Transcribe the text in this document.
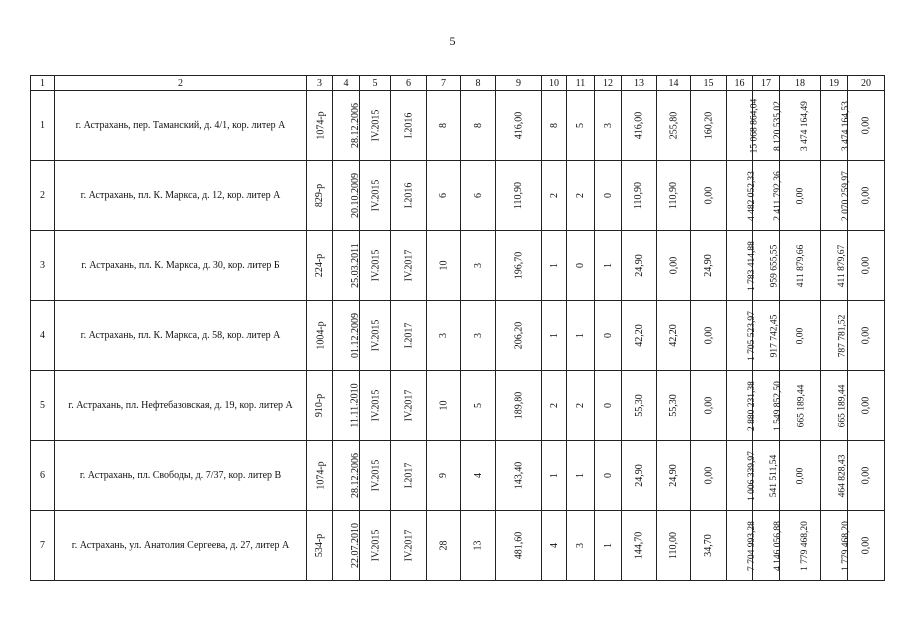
5
1	2	3	4	5	6	7	8	9	10	11	12	13	14	15	16	17	18	19	20
1	г. Астрахань, пер. Таманский, д. 4/1, кор. литер А	1074-р	28.12.2006	IV.2015	I.2016	8	8	416,00	8	5	3	416,00	255,80	160,20	15 068 864,04	8 120 535,02	3 474 164,49	3 474 164,53	0,00
2	г. Астрахань, пл. К. Маркса, д. 12, кор. литер А	829-р	20.10.2009	IV.2015	I.2016	6	6	110,90	2	2	0	110,90	110,90	0,00	4 482 052,33	2 411 792,36	0,00	2 070 259,97	0,00
3	г. Астрахань, пл. К. Маркса, д. 30, кор. литер Б	224-р	25.03.2011	IV.2015	IV.2017	10	3	196,70	1	0	1	24,90	0,00	24,90	1 783 414,88	959 655,55	411 879,66	411 879,67	0,00
4	г. Астрахань, пл. К. Маркса, д. 58, кор. литер А	1004-р	01.12.2009	IV.2015	I.2017	3	3	206,20	1	1	0	42,20	42,20	0,00	1 705 523,97	917 742,45	0,00	787 781,52	0,00
5	г. Астрахань, пл. Нефтебазовская, д. 19, кор. литер А	910-р	11.11.2010	IV.2015	IV.2017	10	5	189,80	2	2	0	55,30	55,30	0,00	2 880 231,38	1 549 852,50	665 189,44	665 189,44	0,00
6	г. Астрахань, пл. Свободы, д. 7/37, кор. литер В	1074-р	28.12.2006	IV.2015	I.2017	9	4	143,40	1	1	0	24,90	24,90	0,00	1 006 339,97	541 511,54	0,00	464 828,43	0,00
7	г. Астрахань, ул. Анатолия Сергеева, д. 27, литер А	534-р	22.07.2010	IV.2015	IV.2017	28	13	481,60	4	3	1	144,70	110,00	34,70	7 704 993,28	4 146 056,88	1 779 468,20	1 779 468,20	0,00
